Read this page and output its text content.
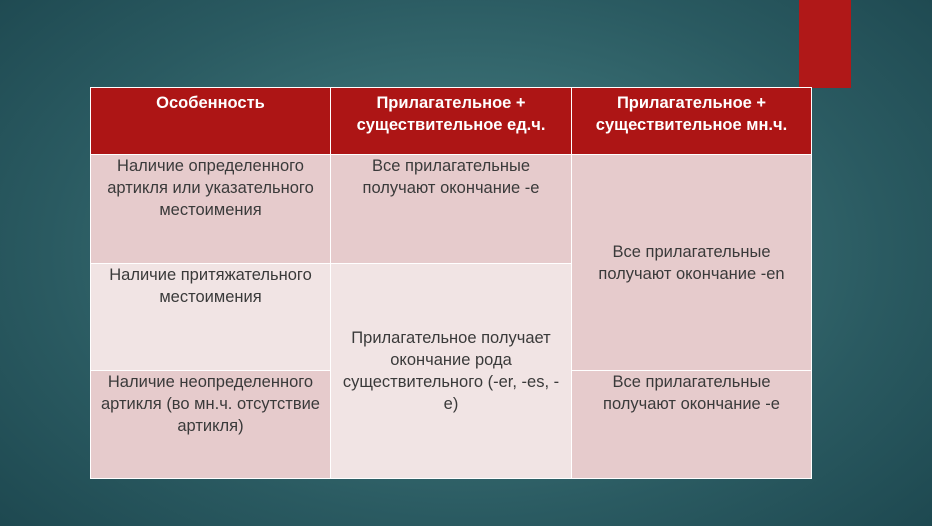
Особенность	Прилагательное + существительное ед.ч.	Прилагательное + существительное мн.ч.
Наличие определенного артикля или указательного местоимения	Все прилагательные получают окончание -e	Все прилагательные получают окончание -en
Наличие притяжательного местоимения	Прилагательное получает окончание рода существительного (-er, -es, -e)	
Наличие неопределенного артикля (во мн.ч. отсутствие артикля)		Все прилагательные получают окончание -e
